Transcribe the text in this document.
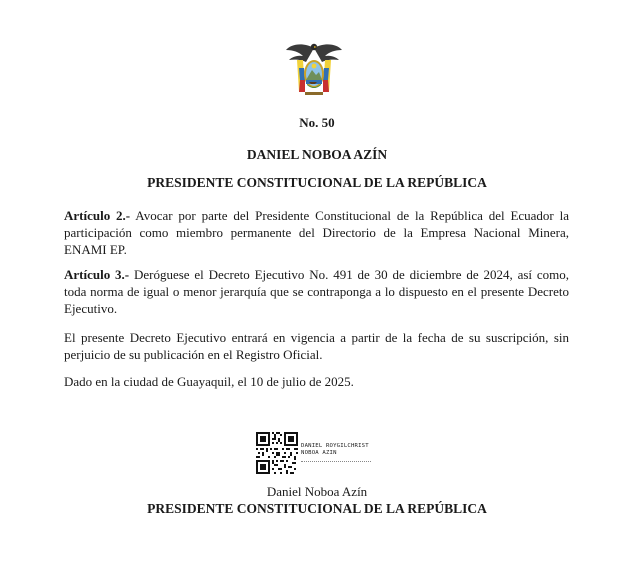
No. 50
DANIEL NOBOA AZÍN
PRESIDENTE CONSTITUCIONAL DE LA REPÚBLICA

Artículo 2.- Avocar por parte del Presidente Constitucional de la República del Ecuador la participación como miembro permanente del Directorio de la Empresa Nacional Minera, ENAMI EP.

Artículo 3.- Deróguese el Decreto Ejecutivo No. 491 de 30 de diciembre de 2024, así como, toda norma de igual o menor jerarquía que se contraponga a lo dispuesto en el presente Decreto Ejecutivo.

El presente Decreto Ejecutivo entrará en vigencia a partir de la fecha de su suscripción, sin perjuicio de su publicación en el Registro Oficial.

Dado en la ciudad de Guayaquil, el 10 de julio de 2025.

DANIEL ROYGILCHRIST
NOBOA AZIN
Daniel Noboa Azín
PRESIDENTE CONSTITUCIONAL DE LA REPÚBLICA
